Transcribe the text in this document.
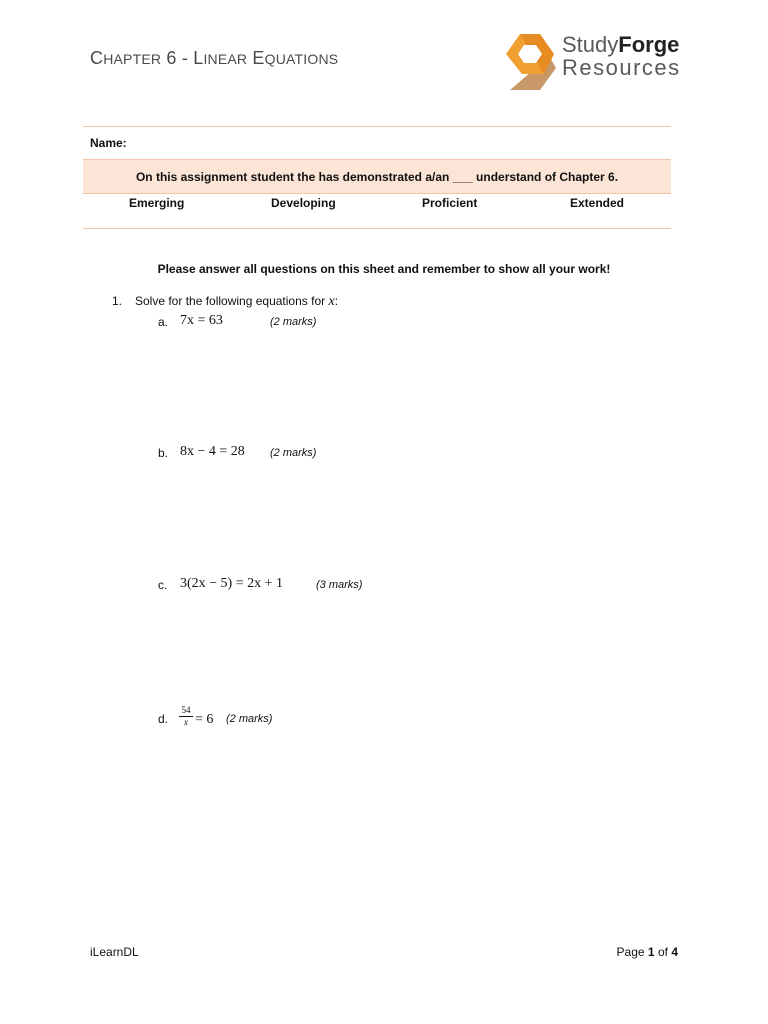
CHAPTER 6 - LINEAR EQUATIONS
StudyForge
Resources
Name:
On this assignment student the has demonstrated a/an ___ understand of Chapter 6.

Emerging	Developing	Proficient	Extended
Please answer all questions on this sheet and remember to show all your work!
1. Solve for the following equations for x:
a. 7x = 63	(2 marks)
b. 8x − 4 = 28 (2 marks)
c. 3(2x − 5) = 2x + 1	(3 marks)
d.
54
x = 6 (2 marks)
iLearnDL	Page 1 of 4
